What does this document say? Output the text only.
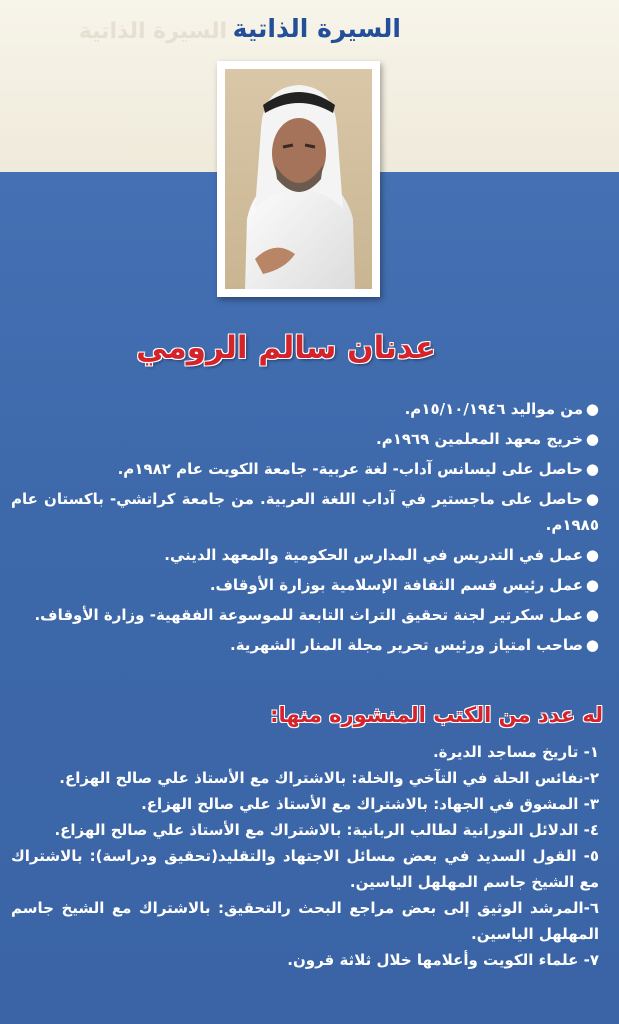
السيرة الذاتية السيرة الذاتية
عدنان سالم الرومي
●من مواليد ١٥/١٠/١٩٤٦م.
●خريج معهد المعلمين ١٩٦٩م.
●حاصل على ليسانس آداب- لغة عربية- جامعة الكويت عام ١٩٨٢م.
●حاصل على ماجستير في آداب اللغة العربية. من جامعة كراتشي- باكستان عام ١٩٨٥م.
●عمل في التدريس في المدارس الحكومية والمعهد الديني.
●عمل رئيس قسم الثقافة الإسلامية بوزارة الأوقاف.
●عمل سكرتير لجنة تحقيق التراث التابعة للموسوعة الفقهية- وزارة الأوقاف.
●صاحب امتياز ورئيس تحرير مجلة المنار الشهرية.
له عدد من الكتب المنشوره منها:
١- تاريخ مساجد الديرة.
٢-نفائس الحلة في التآخي والخلة: بالاشتراك مع الأستاذ علي صالح الهزاع.
٣- المشوق في الجهاد: بالاشتراك مع الأستاذ علي صالح الهزاع.
٤- الدلائل النورانية لطالب الربانية: بالاشتراك مع الأستاذ علي صالح الهزاع.
٥- القول السديد في بعض مسائل الاجتهاد والتقليد(تحقيق ودراسة): بالاشتراك مع الشيخ جاسم المهلهل الياسين.
٦-المرشد الوثيق إلى بعض مراجع البحث رالتحقيق: بالاشتراك مع الشيخ جاسم المهلهل الياسين.
٧- علماء الكويت وأعلامها خلال ثلاثة قرون.
